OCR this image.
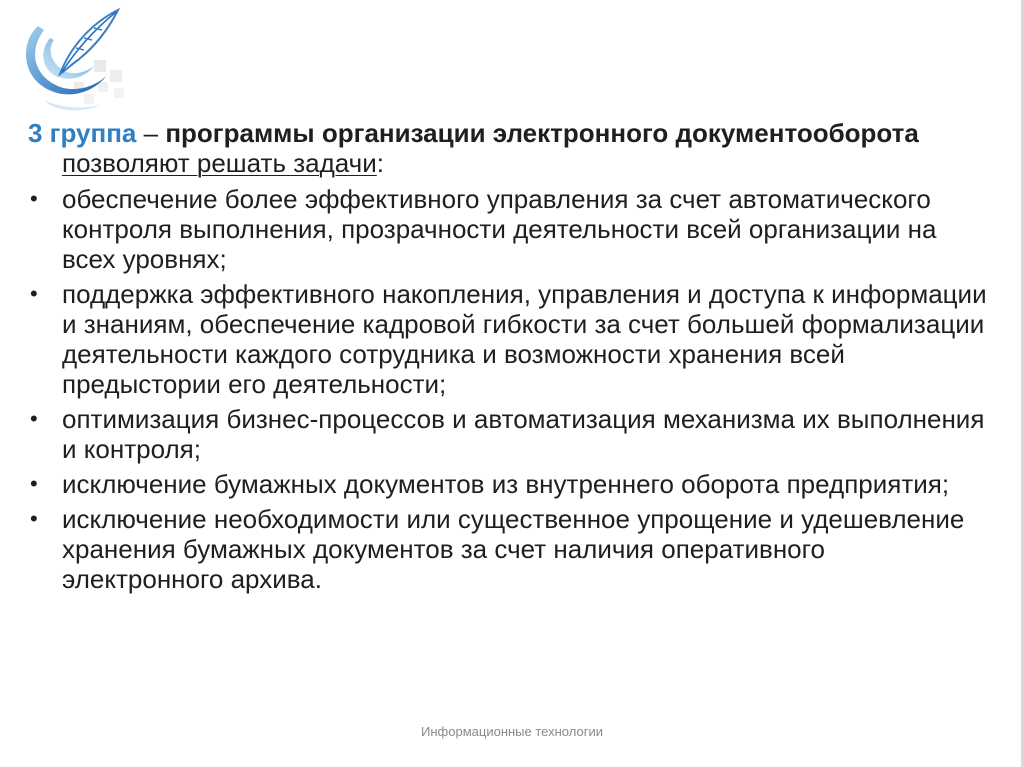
3 группа – программы организации электронного документооборота позволяют решать задачи:

• обеспечение более эффективного управления за счет автоматического контроля выполнения, прозрачности деятельности всей организации на всех уровнях;
• поддержка эффективного накопления, управления и доступа к информации и знаниям, обеспечение кадровой гибкости за счет большей формализации деятельности каждого сотрудника и возможности хранения всей предыстории его деятельности;
• оптимизация бизнес-процессов и автоматизация механизма их выполнения и контроля;
• исключение бумажных документов из внутреннего оборота предприятия;
• исключение необходимости или существенное упрощение и удешевление хранения бумажных документов за счет наличия оперативного электронного архива.
Информационные технологии
